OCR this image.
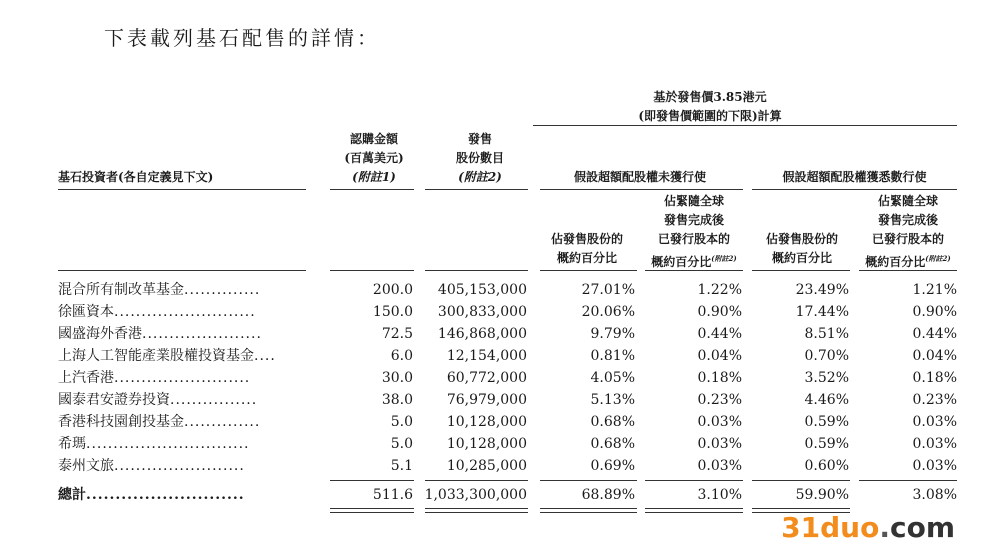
下表載列基石配售的詳情：
基於發售價3.85港元
(即發售價範圍的下限)計算
認購金額
(百萬美元)
(附註1)
發售
股份數目
(附註2)
基石投資者(各自定義見下文)	假設超額配股權未獲行使	假設超額配股權獲悉數行使
佔發售股份的
概約百分比
佔緊隨全球
發售完成後
已發行股本的
概約百分比$^{(附註2)}$
佔發售股份的
概約百分比
佔緊隨全球
發售完成後
已發行股本的
概約百分比$^{(附註2)}$
混合所有制改革基金..............	200.0 405,153,000	27.01%	1.22%	23.49%	1.21%
徐匯資本..........................	150.0 300,833,000	20.06%	0.90%	17.44%	0.90%
國盛海外香港......................	72.5 146,868,000	9.79%	0.44%	8.51%	0.44%
上海人工智能產業股權投資基金....	6.0 12,154,000	0.81%	0.04%	0.70%	0.04%
上汽香港.........................	30.0 60,772,000	4.05%	0.18%	3.52%	0.18%
國泰君安證券投資................	38.0 76,979,000	5.13%	0.23%	4.46%	0.23%
香港科技園創投基金..............	5.0 10,128,000	0.68%	0.03%	0.59%	0.03%
希瑪..............................	5.0 10,128,000	0.68%	0.03%	0.59%	0.03%
泰州文旅........................	5.1 10,285,000	0.69%	0.03%	0.60%	0.03%
總計...........................	511.6 1,033,300,000	68.89%	3.10%	59.90%	3.08%
31duo.com
